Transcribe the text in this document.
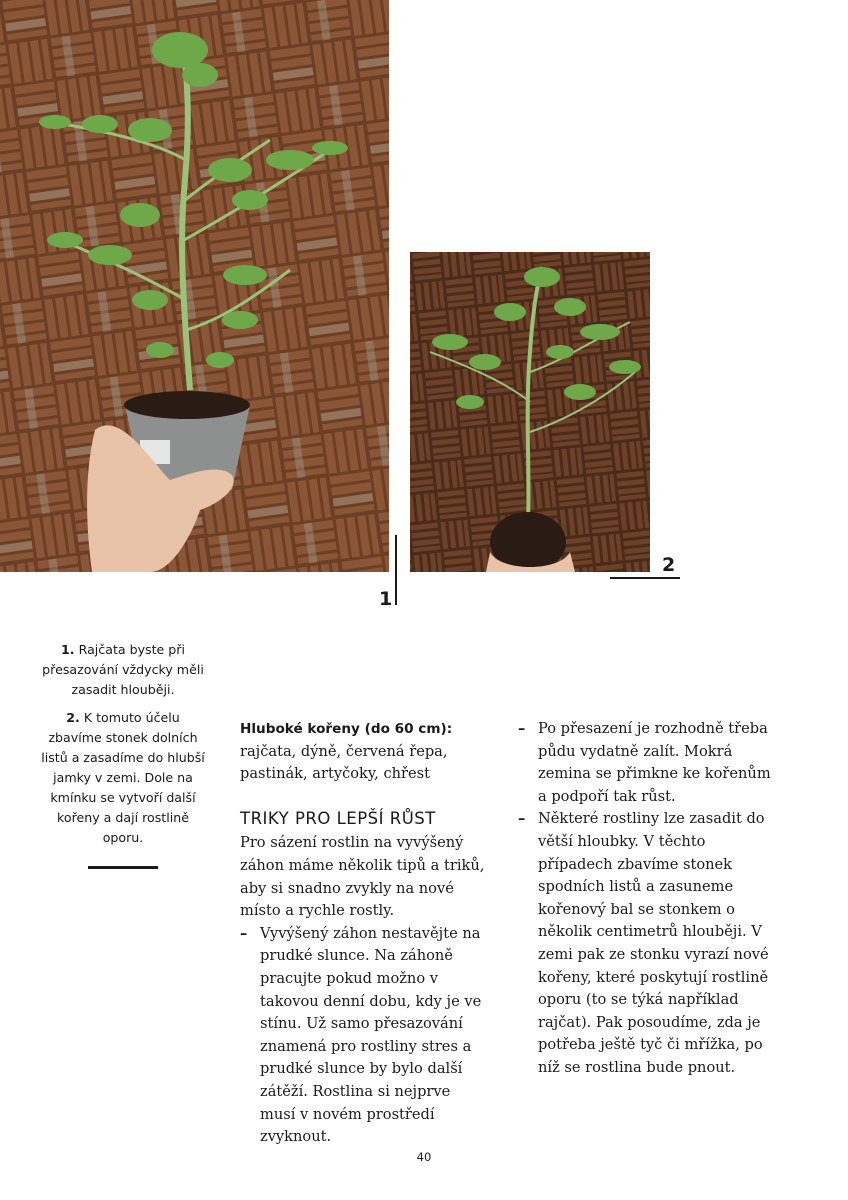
1
2

1. Rajčata byste při přesazování vždycky měli zasadit hlouběji.

2. K tomuto účelu zbavíme stonek dolních listů a zasadíme do hlubší jamky v zemi. Dole na kmínku se vytvoří další kořeny a dají rostlině oporu.

Hluboké kořeny (do 60 cm): rajčata, dýně, červená řepa, pastinák, artyčoky, chřest

TRIKY PRO LEPŠÍ RŮST

Pro sázení rostlin na vyvýšený záhon máme několik tipů a triků, aby si snadno zvykly na nové místo a rychle rostly.

– Vyvýšený záhon nestavějte na prudké slunce. Na záhoně pracujte pokud možno v takovou denní dobu, kdy je ve stínu. Už samo přesazování znamená pro rostliny stres a prudké slunce by bylo další zátěží. Rostlina si nejprve musí v novém prostředí zvyknout.
– Po přesazení je rozhodně třeba půdu vydatně zalít. Mokrá zemina se přimkne ke kořenům a podpoří tak růst.
– Některé rostliny lze zasadit do větší hloubky. V těchto případech zbavíme stonek spodních listů a zasuneme kořenový bal se stonkem o několik centimetrů hlouběji. V zemi pak ze stonku vyrazí nové kořeny, které poskytují rostlině oporu (to se týká například rajčat). Pak posoudíme, zda je potřeba ještě tyč či mřížka, po níž se rostlina bude pnout.
40
